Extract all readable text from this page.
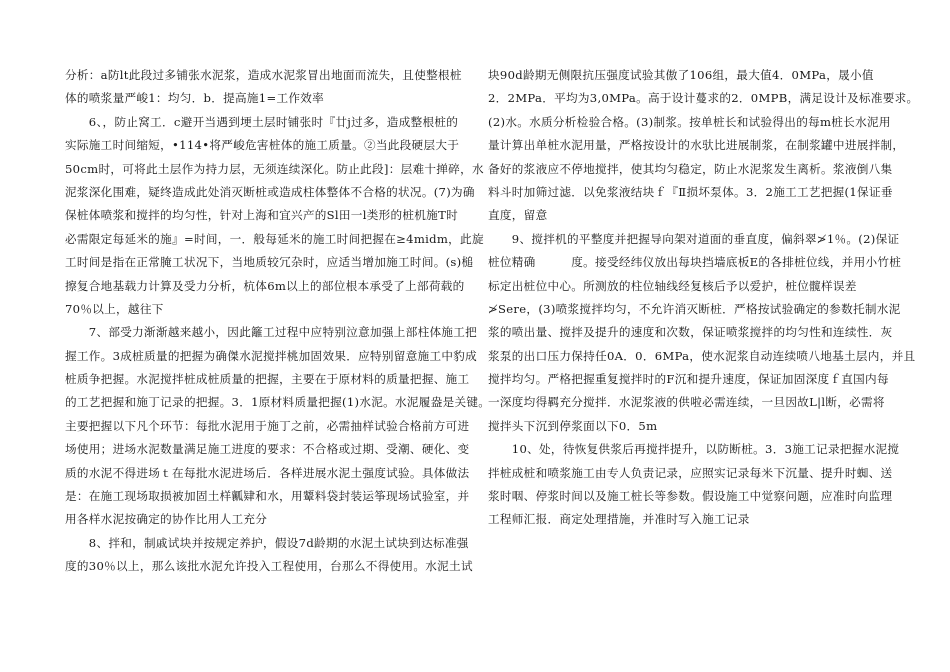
分析：a防lt此段过多铺张水泥浆，造成水泥浆冒出地面而流失，且使整根桩
体的喷浆量严峻1：均匀．b．提高施1=工作效率
　　6、，防止窝工．c避开当遇到埂土层时铺张时『廿j过多，造成整根桩的
实际施工时间缩短，•114•将严峻危害桩体的施工质量。②当此段硬层大于
50cm时，可将此土层作为持力层，无须连续深化。防止此段]：层难十掸碎，水
泥浆深化围难，疑终造成此处消灭断桩或造成柱体整体不合格的状况。(7)为确
保桩体喷浆和搅拌的均匀性，针对上海和宜兴产的Sl田一l类形的桩机施T时
必需限定每延米的施』=时间，一．般每延米的施工时间把握在≥4midm，此旋
工时间是指在正常腌工状况下，当地质较冗杂时，应适当增加施工时间。(s)槌
擦复合地基载力计算及受力分析，杭体6m以上的部位根本承受了上部荷载的
70％以上，越往下
　　7、部受力渐渐越来越小，因此籬工过程中应特别泣意加强上部柱体施工把
握工作。3成桩质量的把握为确傑水泥搅拌桃加固效果．应特别留意施工中豹成
桩质争把握。水泥搅拌桩成桩质量的把握，主要在于原材料的质量把握、施工
的工艺把握和施丁记录的把握。3．1原材料质量把握(1)水泥。水泥履盎是关键。
主要把握以下凡个环节：每批水泥用于施丁之前，必需抽样试验合格前方可进
场使用；进场水泥数量满足施工进度的要求：不合格或过期、受潮、硬化、变
质的水泥不得进场ｔ在每批水泥进场后．各样进展水泥土强度试验。具体做法
是：在施工现场取损被加固土样瓤肄和水，用颦料袋封装运筝现场试验室，并
用各样水泥按确定的协作比用人工充分
　　8、拌和，制戚试块并按规定养护，假设7d龄期的水泥土试块到达标准强
度的30％以上，那么该批水泥允许投入工程使用，台那么不得使用。水泥土试
块90d龄期无侧限抗压强度试验其傲了106组，最大值4．0MPa，晟小值
2．2MPa．平均为3,0MPa。高于设计蔓求的2．0MPB，满足设计及标准要求。
(2)水。水质分析检验合格。(3)制浆。按单桩长和试验得出的每m桩长水泥用
量计算出单桩水泥用量，严格按设计的水驮比进展制浆，在制浆罐中进展拌制，
备好的浆液应不停地搅拌，使其均匀稳定，防止水泥浆发生离析。浆液倒八集
料斗时加筛过滤．以免浆液结块ｆ『Ⅱ损坏泵体。3．2施工工艺把握(1保证垂
直度，留意
　　9、搅拌机的平整度并把握导向架对道面的垂直度，偏斜翠≯1％。(2)保证
桩位精确　　　度。接受经纬仪放出每块挡墙底板E的各排桩位线，并用小竹桩
标定出桩位中心。所测放的柱位轴线经复核后予以爱护，桩位髋样误差
≯Sere，(3)喷浆搅拌均匀，不允许消灭断桩．严格按试验确定的参数托制水泥
浆的喷出量、搅拌及提升的速度和次数，保证喷浆搅拌的均匀性和连续性．灰
浆泵的出口压力保持任0A．0．6MPa，使水泥浆自动连续喷八地基土层内，并且
搅拌均匀。严格把握重复搅拌时的F沉和提升速度，保证加固深度ｆ直国内每
一深度均得羁充分搅拌．水泥浆液的供啦必需连续，一旦因故L|l断，必需将
搅拌头下沉到停浆面以下0．5m
　　10、处，待恢复供浆后再搅拌提升，以防断桩。3．3施工记录把握水泥搅
拌桩成桩和喷浆施工由专人负责记录，应照实记录每米下沉量、提升时蜘、送
浆时咽、停浆时间以及施工桩长等参数。假设施工中觉察问题，应准时向监理
工程师汇报．商定处理措施，并准时写入施工记录
